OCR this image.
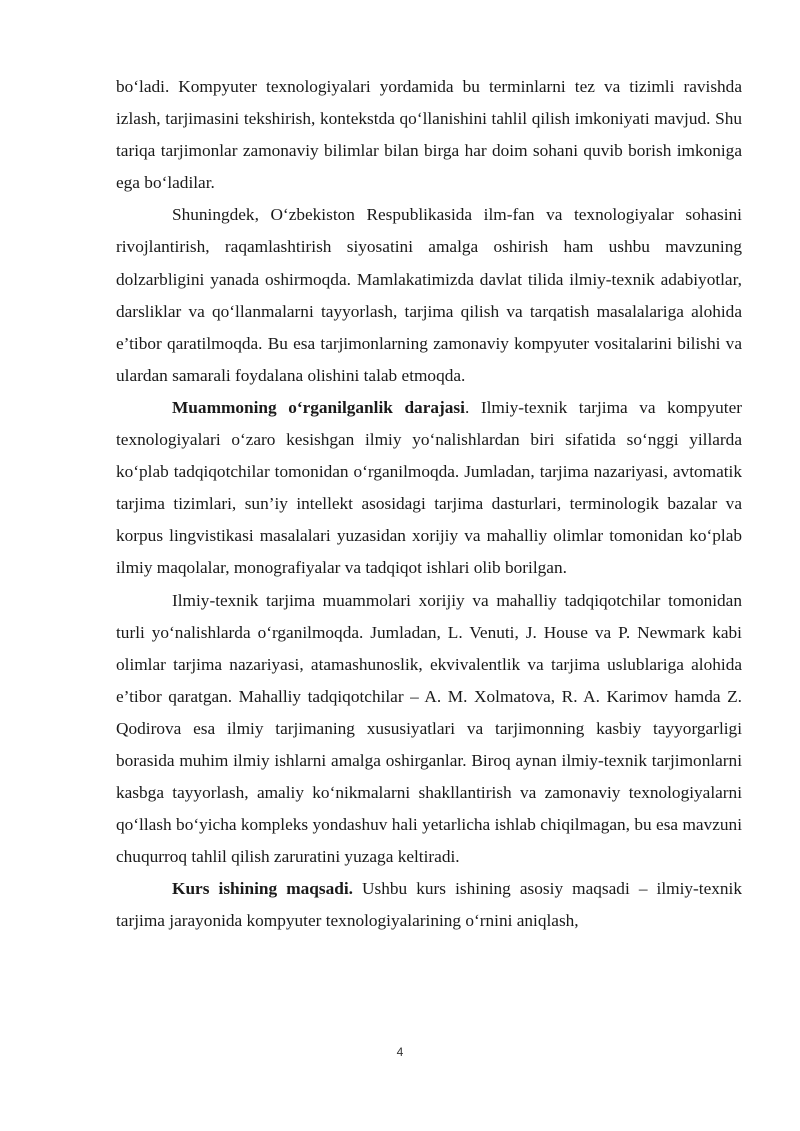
bo‘ladi. Kompyuter texnologiyalari yordamida bu terminlarni tez va tizimli ravishda izlash, tarjimasini tekshirish, kontekstda qo‘llanishini tahlil qilish imkoniyati mavjud. Shu tariqa tarjimonlar zamonaviy bilimlar bilan birga har doim sohani quvib borish imkoniga ega bo‘ladilar.

Shuningdek, O‘zbekiston Respublikasida ilm-fan va texnologiyalar sohasini rivojlantirish, raqamlashtirish siyosatini amalga oshirish ham ushbu mavzuning dolzarbligini yanada oshirmoqda. Mamlakatimizda davlat tilida ilmiy-texnik adabiyotlar, darsliklar va qo‘llanmalarni tayyorlash, tarjima qilish va tarqatish masalalariga alohida e’tibor qaratilmoqda. Bu esa tarjimonlarning zamonaviy kompyuter vositalarini bilishi va ulardan samarali foydalana olishini talab etmoqda.

Muammoning o‘rganilganlik darajasi. Ilmiy-texnik tarjima va kompyuter texnologiyalari o‘zaro kesishgan ilmiy yo‘nalishlardan biri sifatida so‘nggi yillarda ko‘plab tadqiqotchilar tomonidan o‘rganilmoqda. Jumladan, tarjima nazariyasi, avtomatik tarjima tizimlari, sun’iy intellekt asosidagi tarjima dasturlari, terminologik bazalar va korpus lingvistikasi masalalari yuzasidan xorijiy va mahalliy olimlar tomonidan ko‘plab ilmiy maqolalar, monografiyalar va tadqiqot ishlari olib borilgan.

Ilmiy-texnik tarjima muammolari xorijiy va mahalliy tadqiqotchilar tomonidan turli yo‘nalishlarda o‘rganilmoqda. Jumladan, L. Venuti, J. House va P. Newmark kabi olimlar tarjima nazariyasi, atamashunoslik, ekvivalentlik va tarjima uslublariga alohida e’tibor qaratgan. Mahalliy tadqiqotchilar – A. M. Xolmatova, R. A. Karimov hamda Z. Qodirova esa ilmiy tarjimaning xususiyatlari va tarjimonning kasbiy tayyorgarligi borasida muhim ilmiy ishlarni amalga oshirganlar. Biroq aynan ilmiy-texnik tarjimonlarni kasbga tayyorlash, amaliy ko‘nikmalarni shakllantirish va zamonaviy texnologiyalarni qo‘llash bo‘yicha kompleks yondashuv hali yetarlicha ishlab chiqilmagan, bu esa mavzuni chuqurroq tahlil qilish zaruratini yuzaga keltiradi.

Kurs ishining maqsadi. Ushbu kurs ishining asosiy maqsadi – ilmiy-texnik tarjima jarayonida kompyuter texnologiyalarining o‘rnini aniqlash,

4
